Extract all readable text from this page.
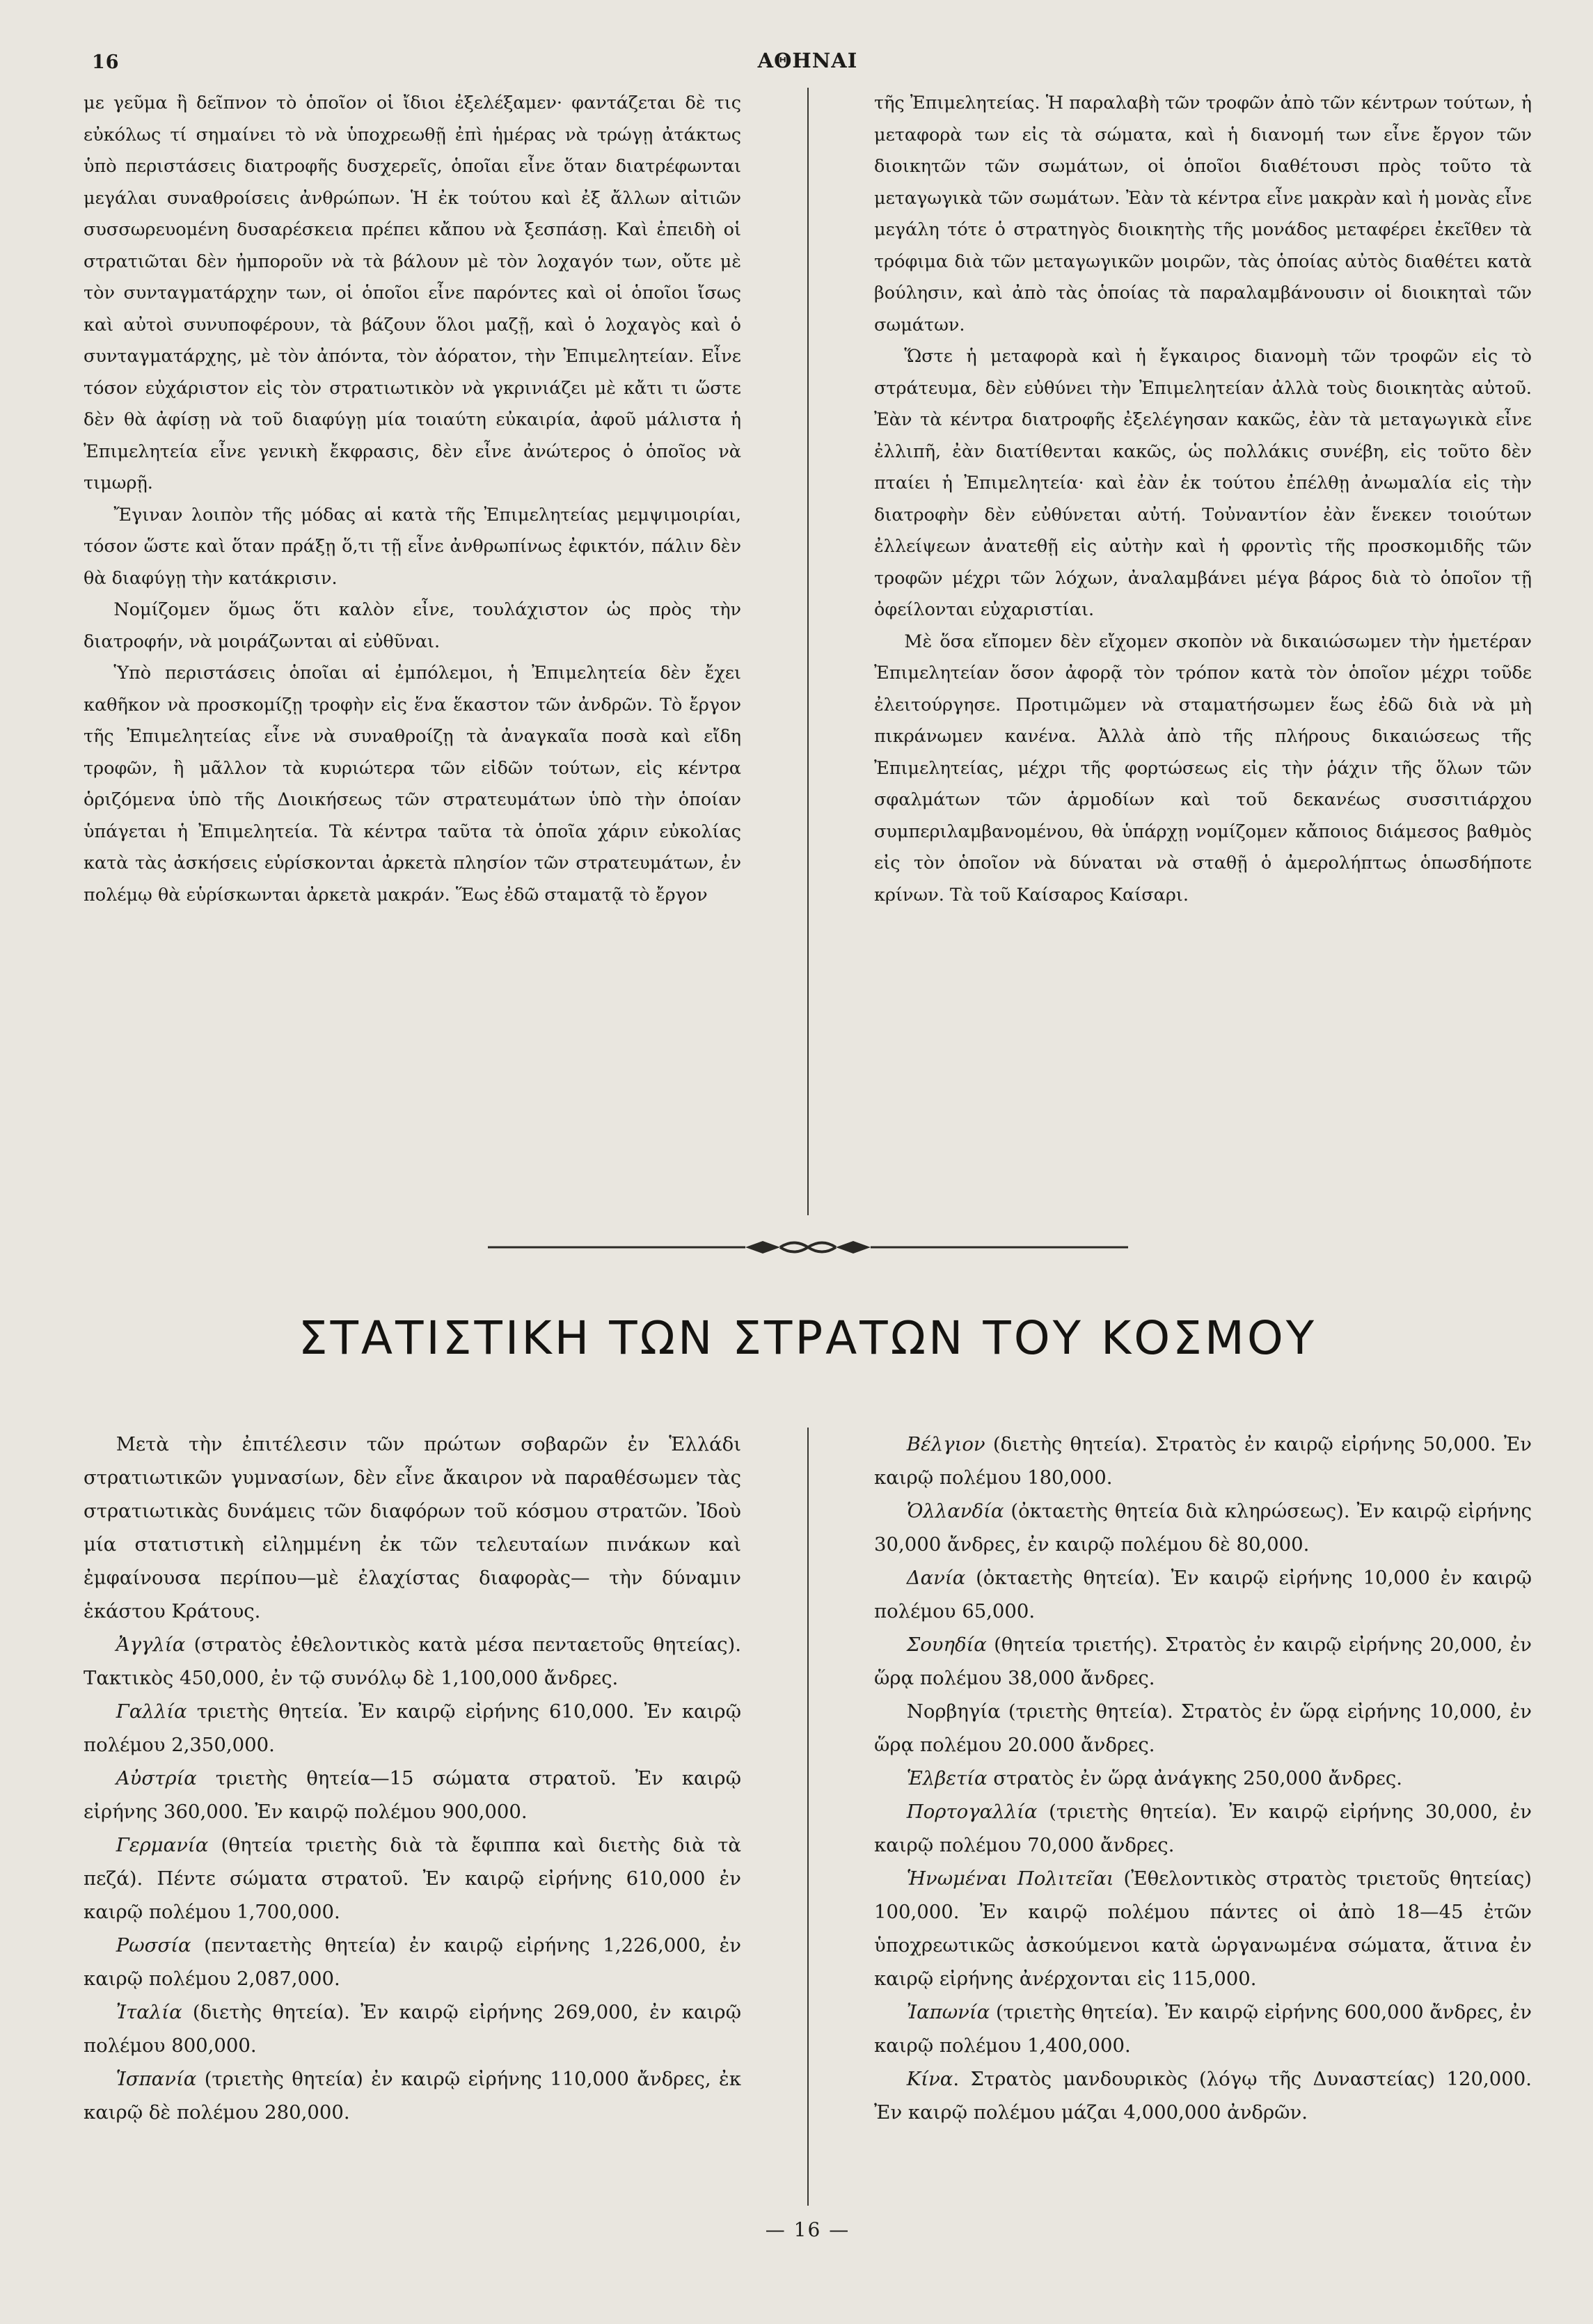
16	ΑΘΗΝΑΙ

με γεῦμα ἢ δεῖπνον τὸ ὁποῖον οἱ ἴδιοι ἐξελέξαμεν· φαντάζεται δὲ τις εὐκόλως τί σημαίνει τὸ νὰ ὑποχρεωθῇ ἐπὶ ἡμέρας νὰ τρώγῃ ἀτάκτως ὑπὸ περιστάσεις διατροφῆς δυσχερεῖς, ὁποῖαι εἶνε ὅταν διατρέφωνται μεγάλαι συναθροίσεις ἀνθρώπων. Ἡ ἐκ τούτου καὶ ἐξ ἄλλων αἰτιῶν συσσωρευομένη δυσαρέσκεια πρέπει κἄπου νὰ ξεσπάσῃ. Καὶ ἐπειδὴ οἱ στρατιῶται δὲν ἠμποροῦν νὰ τὰ βάλουν μὲ τὸν λοχαγόν των, οὔτε μὲ τὸν συνταγματάρχην των, οἱ ὁποῖοι εἶνε παρόντες καὶ οἱ ὁποῖοι ἴσως καὶ αὐτοὶ συνυποφέρουν, τὰ βάζουν ὅλοι μαζῇ, καὶ ὁ λοχαγὸς καὶ ὁ συνταγματάρχης, μὲ τὸν ἀπόντα, τὸν ἀόρατον, τὴν Ἐπιμελητείαν. Εἶνε τόσον εὐχάριστον εἰς τὸν στρατιωτικὸν νὰ γκρινιάζει μὲ κἄτι τι ὥστε δὲν θὰ ἀφίσῃ νὰ τοῦ διαφύγῃ μία τοιαύτη εὐκαιρία, ἀφοῦ μάλιστα ἡ Ἐπιμελητεία εἶνε γενικὴ ἔκφρασις, δὲν εἶνε ἀνώτερος ὁ ὁποῖος νὰ τιμωρῇ.

Ἔγιναν λοιπὸν τῆς μόδας αἱ κατὰ τῆς Ἐπιμελητείας μεμψιμοιρίαι, τόσον ὥστε καὶ ὅταν πράξῃ ὅ,τι τῇ εἶνε ἀνθρωπίνως ἐφικτόν, πάλιν δὲν θὰ διαφύγῃ τὴν κατάκρισιν.

Νομίζομεν ὅμως ὅτι καλὸν εἶνε, τουλάχιστον ὡς πρὸς τὴν διατροφήν, νὰ μοιράζωνται αἱ εὐθῦναι.

Ὑπὸ περιστάσεις ὁποῖαι αἱ ἐμπόλεμοι, ἡ Ἐπιμελητεία δὲν ἔχει καθῆκον νὰ προσκομίζῃ τροφὴν εἰς ἕνα ἕκαστον τῶν ἀνδρῶν. Τὸ ἔργον τῆς Ἐπιμελητείας εἶνε νὰ συναθροίζῃ τὰ ἀναγκαῖα ποσὰ καὶ εἴδη τροφῶν, ἢ μᾶλλον τὰ κυριώτερα τῶν εἰδῶν τούτων, εἰς κέντρα ὁριζόμενα ὑπὸ τῆς Διοικήσεως τῶν στρατευμάτων ὑπὸ τὴν ὁποίαν ὑπάγεται ἡ Ἐπιμελητεία. Τὰ κέντρα ταῦτα τὰ ὁποῖα χάριν εὐκολίας κατὰ τὰς ἀσκήσεις εὑρίσκονται ἀρκετὰ πλησίον τῶν στρατευμάτων, ἐν πολέμῳ θὰ εὑρίσκωνται ἀρκετὰ μακράν. Ἕως ἐδῶ σταματᾷ τὸ ἔργον

τῆς Ἐπιμελητείας. Ἡ παραλαβὴ τῶν τροφῶν ἀπὸ τῶν κέντρων τούτων, ἡ μεταφορὰ των εἰς τὰ σώματα, καὶ ἡ διανομή των εἶνε ἔργον τῶν διοικητῶν τῶν σωμάτων, οἱ ὁποῖοι διαθέτουσι πρὸς τοῦτο τὰ μεταγωγικὰ τῶν σωμάτων. Ἐὰν τὰ κέντρα εἶνε μακρὰν καὶ ἡ μονὰς εἶνε μεγάλη τότε ὁ στρατηγὸς διοικητὴς τῆς μονάδος μεταφέρει ἐκεῖθεν τὰ τρόφιμα διὰ τῶν μεταγωγικῶν μοιρῶν, τὰς ὁποίας αὐτὸς διαθέτει κατὰ βούλησιν, καὶ ἀπὸ τὰς ὁποίας τὰ παραλαμβάνουσιν οἱ διοικηταὶ τῶν σωμάτων.

Ὥστε ἡ μεταφορὰ καὶ ἡ ἔγκαιρος διανομὴ τῶν τροφῶν εἰς τὸ στράτευμα, δὲν εὐθύνει τὴν Ἐπιμελητείαν ἀλλὰ τοὺς διοικητὰς αὐτοῦ. Ἐὰν τὰ κέντρα διατροφῆς ἐξελέγησαν κακῶς, ἐὰν τὰ μεταγωγικὰ εἶνε ἐλλιπῆ, ἐὰν διατίθενται κακῶς, ὡς πολλάκις συνέβη, εἰς τοῦτο δὲν πταίει ἡ Ἐπιμελητεία· καὶ ἐὰν ἐκ τούτου ἐπέλθῃ ἀνωμαλία εἰς τὴν διατροφὴν δὲν εὐθύνεται αὐτή. Τοὐναντίον ἐὰν ἕνεκεν τοιούτων ἐλλείψεων ἀνατεθῇ εἰς αὐτὴν καὶ ἡ φροντὶς τῆς προσκομιδῆς τῶν τροφῶν μέχρι τῶν λόχων, ἀναλαμβάνει μέγα βάρος διὰ τὸ ὁποῖον τῇ ὀφείλονται εὐχαριστίαι.

Μὲ ὅσα εἴπομεν δὲν εἴχομεν σκοπὸν νὰ δικαιώσωμεν τὴν ἡμετέραν Ἐπιμελητείαν ὅσον ἀφορᾷ τὸν τρόπον κατὰ τὸν ὁποῖον μέχρι τοῦδε ἐλειτούργησε. Προτιμῶμεν νὰ σταματήσωμεν ἕως ἐδῶ διὰ νὰ μὴ πικράνωμεν κανένα. Ἀλλὰ ἀπὸ τῆς πλήρους δικαιώσεως τῆς Ἐπιμελητείας, μέχρι τῆς φορτώσεως εἰς τὴν ῥάχιν τῆς ὅλων τῶν σφαλμάτων τῶν ἁρμοδίων καὶ τοῦ δεκανέως συσσιτιάρχου συμπεριλαμβανομένου, θὰ ὑπάρχῃ νομίζομεν κἄποιος διάμεσος βαθμὸς εἰς τὸν ὁποῖον νὰ δύναται νὰ σταθῇ ὁ ἀμερολήπτως ὁπωσδήποτε κρίνων. Τὰ τοῦ Καίσαρος Καίσαρι.

ΣΤΑΤΙΣΤΙΚΗ ΤΩΝ ΣΤΡΑΤΩΝ ΤΟΥ ΚΟΣΜΟΥ

Μετὰ τὴν ἐπιτέλεσιν τῶν πρώτων σοβαρῶν ἐν Ἑλλάδι στρατιωτικῶν γυμνασίων, δὲν εἶνε ἄκαιρον νὰ παραθέσωμεν τὰς στρατιωτικὰς δυνάμεις τῶν διαφόρων τοῦ κόσμου στρατῶν. Ἰδοὺ μία στατιστικὴ εἰλημμένη ἐκ τῶν τελευταίων πινάκων καὶ ἐμφαίνουσα περίπου—μὲ ἐλαχίστας διαφορὰς— τὴν δύναμιν ἑκάστου Κράτους.

Ἀγγλία (στρατὸς ἐθελοντικὸς κατὰ μέσα πενταετοῦς θητείας). Τακτικὸς 450,000, ἐν τῷ συνόλῳ δὲ 1,100,000 ἄνδρες.

Γαλλία τριετὴς θητεία. Ἐν καιρῷ εἰρήνης 610,000. Ἐν καιρῷ πολέμου 2,350,000.

Αὐστρία τριετὴς θητεία—15 σώματα στρατοῦ. Ἐν καιρῷ εἰρήνης 360,000. Ἐν καιρῷ πολέμου 900,000.

Γερμανία (θητεία τριετὴς διὰ τὰ ἔφιππα καὶ διετὴς διὰ τὰ πεζά). Πέντε σώματα στρατοῦ. Ἐν καιρῷ εἰρήνης 610,000 ἐν καιρῷ πολέμου 1,700,000.

Ρωσσία (πενταετὴς θητεία) ἐν καιρῷ εἰρήνης 1,226,000, ἐν καιρῷ πολέμου 2,087,000.

Ἰταλία (διετὴς θητεία). Ἐν καιρῷ εἰρήνης 269,000, ἐν καιρῷ πολέμου 800,000.

Ἱσπανία (τριετὴς θητεία) ἐν καιρῷ εἰρήνης 110,000 ἄνδρες, ἐκ καιρῷ δὲ πολέμου 280,000.

Βέλγιον (διετὴς θητεία). Στρατὸς ἐν καιρῷ εἰρήνης 50,000. Ἐν καιρῷ πολέμου 180,000.

Ὁλλανδία (ὀκταετὴς θητεία διὰ κληρώσεως). Ἐν καιρῷ εἰρήνης 30,000 ἄνδρες, ἐν καιρῷ πολέμου δὲ 80,000.

Δανία (ὀκταετὴς θητεία). Ἐν καιρῷ εἰρήνης 10,000 ἐν καιρῷ πολέμου 65,000.

Σουηδία (θητεία τριετής). Στρατὸς ἐν καιρῷ εἰρήνης 20,000, ἐν ὥρᾳ πολέμου 38,000 ἄνδρες.

Νορβηγία (τριετὴς θητεία). Στρατὸς ἐν ὥρᾳ εἰρήνης 10,000, ἐν ὥρᾳ πολέμου 20.000 ἄνδρες.

Ἑλβετία στρατὸς ἐν ὥρᾳ ἀνάγκης 250,000 ἄνδρες.

Πορτογαλλία (τριετὴς θητεία). Ἐν καιρῷ εἰρήνης 30,000, ἐν καιρῷ πολέμου 70,000 ἄνδρες.

Ἡνωμέναι Πολιτεῖαι (Ἐθελοντικὸς στρατὸς τριετοῦς θητείας) 100,000. Ἐν καιρῷ πολέμου πάντες οἱ ἀπὸ 18—45 ἐτῶν ὑποχρεωτικῶς ἀσκούμενοι κατὰ ὡργανωμένα σώματα, ἅτινα ἐν καιρῷ εἰρήνης ἀνέρχονται εἰς 115,000.

Ἰαπωνία (τριετὴς θητεία). Ἐν καιρῷ εἰρήνης 600,000 ἄνδρες, ἐν καιρῷ πολέμου 1,400,000.

Κίνα. Στρατὸς μανδουρικὸς (λόγῳ τῆς Δυναστείας) 120,000. Ἐν καιρῷ πολέμου μάζαι 4,000,000 ἀνδρῶν.

— 16 —
